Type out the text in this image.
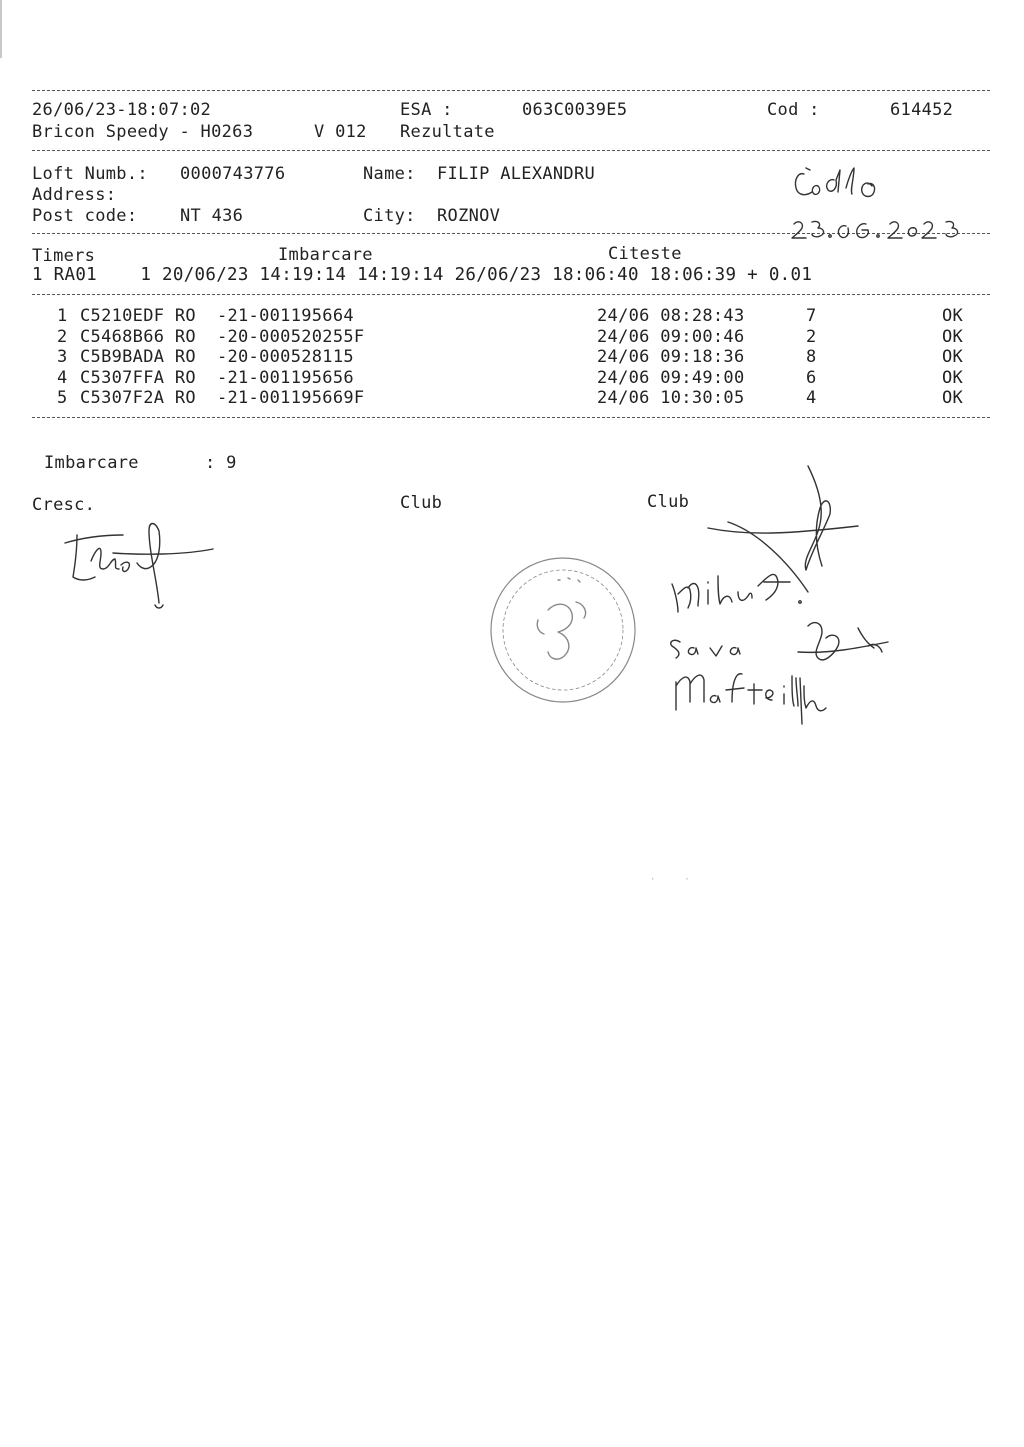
26/06/23-18:07:02	ESA :	063C0039E5	Cod :	614452
Bricon Speedy - H0263	V 012 Rezultate
Loft Numb.: 0000743776	Name: FILIP ALEXANDRU
Address:
Post code:	NT 436	City: ROZNOV
Timers	Imbarcare	Citeste
1 RA01    1 20/06/23 14:19:14 14:19:14 26/06/23 18:06:40 18:06:39 + 0.01
1 C5210EDF RO  -21-001195664	24/06 08:28:43	7	OK
2 C5468B66 RO  -20-000520255F	24/06 09:00:46	2	OK
3 C5B9BADA RO  -20-000528115	24/06 09:18:36	8	OK
4 C5307FFA RO  -21-001195656	24/06 09:49:00	6	OK
5 C5307F2A RO  -21-001195669F	24/06 10:30:05	4	OK
Imbarcare	: 9
Cresc.	Club	Club
·     ·
